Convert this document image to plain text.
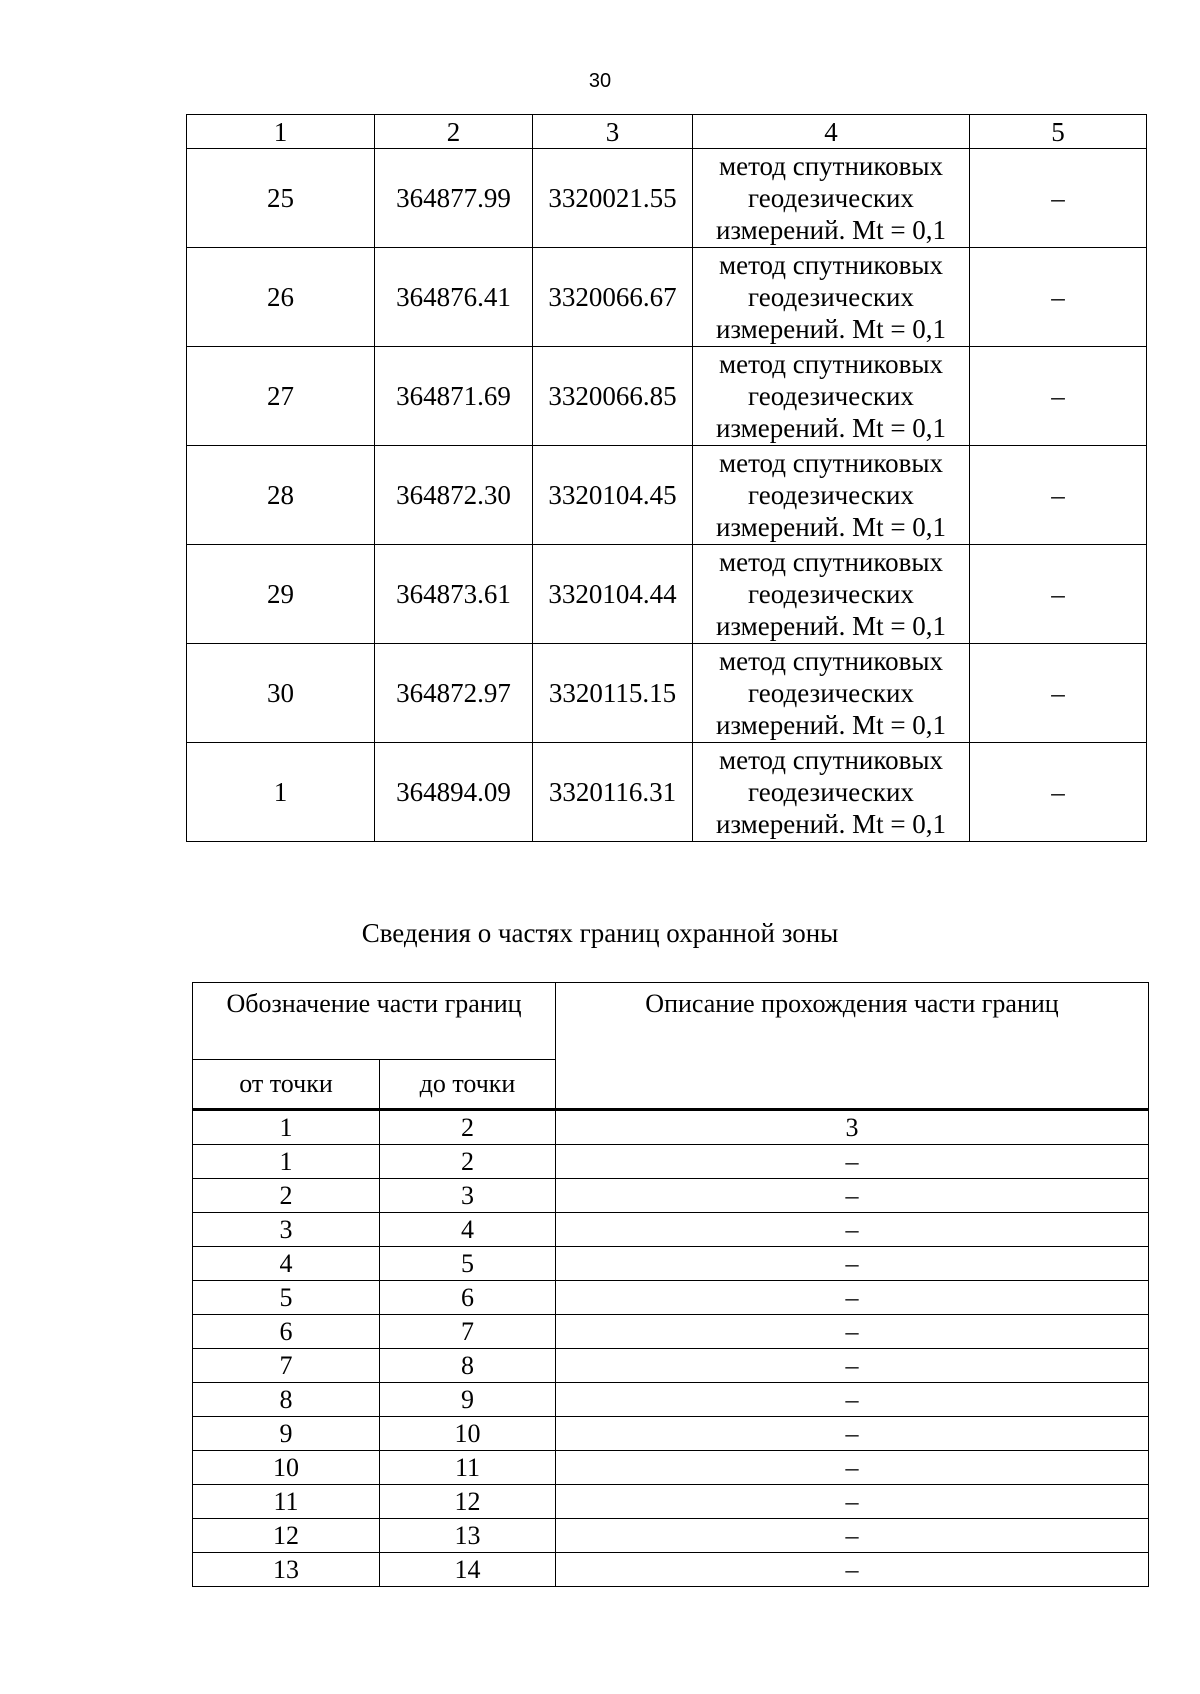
30
1	2	3	4	5
25	364877.99	3320021.55	метод спутниковых
геодезических
измерений. Mt = 0,1	–
26	364876.41	3320066.67	метод спутниковых
геодезических
измерений. Mt = 0,1	–
27	364871.69	3320066.85	метод спутниковых
геодезических
измерений. Mt = 0,1	–
28	364872.30	3320104.45	метод спутниковых
геодезических
измерений. Mt = 0,1	–
29	364873.61	3320104.44	метод спутниковых
геодезических
измерений. Mt = 0,1	–
30	364872.97	3320115.15	метод спутниковых
геодезических
измерений. Mt = 0,1	–
1	364894.09	3320116.31	метод спутниковых
геодезических
измерений. Mt = 0,1	–
Сведения о частях границ охранной зоны
Обозначение части границ		Описание прохождения части границ
от точки	до точки	
1	2	3
1	2	–
2	3	–
3	4	–
4	5	–
5	6	–
6	7	–
7	8	–
8	9	–
9	10	–
10	11	–
11	12	–
12	13	–
13	14	–
